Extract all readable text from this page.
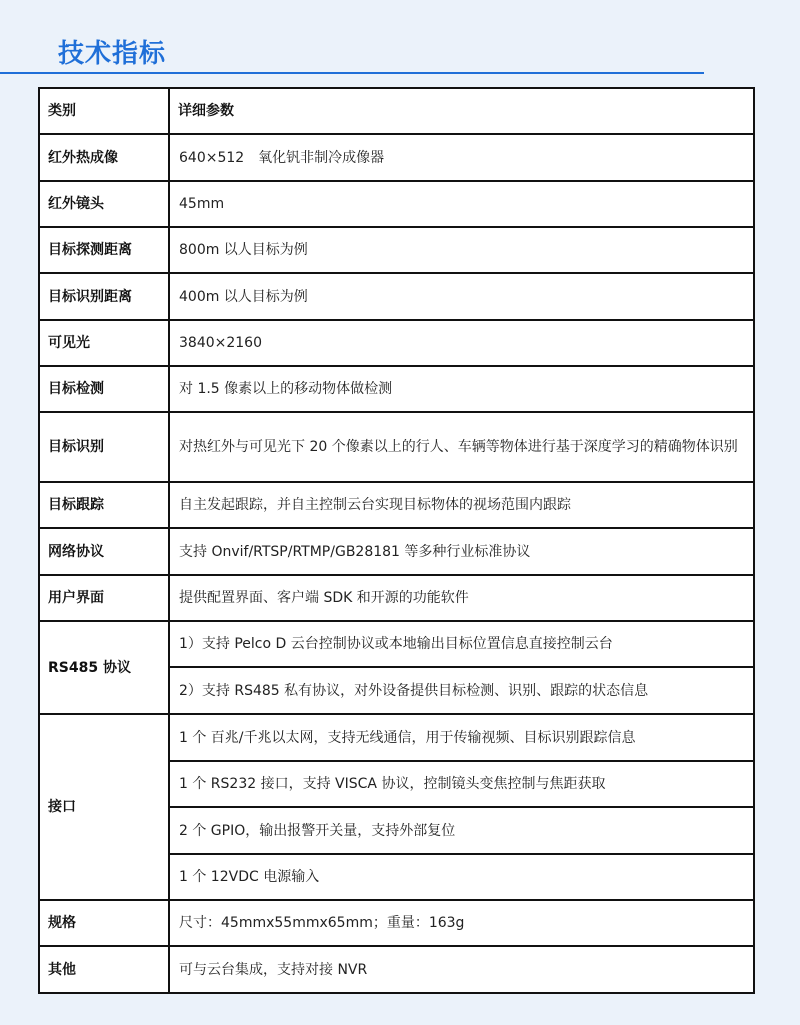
技术指标
类别	详细参数
红外热成像	640×512　氧化钒非制冷成像器
红外镜头	45mm
目标探测距离	800m 以人目标为例
目标识别距离	400m 以人目标为例
可见光	3840×2160
目标检测	对 1.5 像素以上的移动物体做检测
目标识别	对热红外与可见光下 20 个像素以上的行人、车辆等物体进行基于深度学习的精确物体识别
目标跟踪	自主发起跟踪，并自主控制云台实现目标物体的视场范围内跟踪
网络协议	支持 Onvif/RTSP/RTMP/GB28181 等多种行业标准协议
用户界面	提供配置界面、客户端 SDK 和开源的功能软件
RS485 协议	1）支持 Pelco D 云台控制协议或本地输出目标位置信息直接控制云台
	2）支持 RS485 私有协议，对外设备提供目标检测、识别、跟踪的状态信息
接口	1 个 百兆/千兆以太网，支持无线通信，用于传输视频、目标识别跟踪信息
	1 个 RS232 接口，支持 VISCA 协议，控制镜头变焦控制与焦距获取
	2 个 GPIO，输出报警开关量，支持外部复位
	1 个 12VDC 电源输入
规格	尺寸：45mmx55mmx65mm；重量：163g
其他	可与云台集成，支持对接 NVR
